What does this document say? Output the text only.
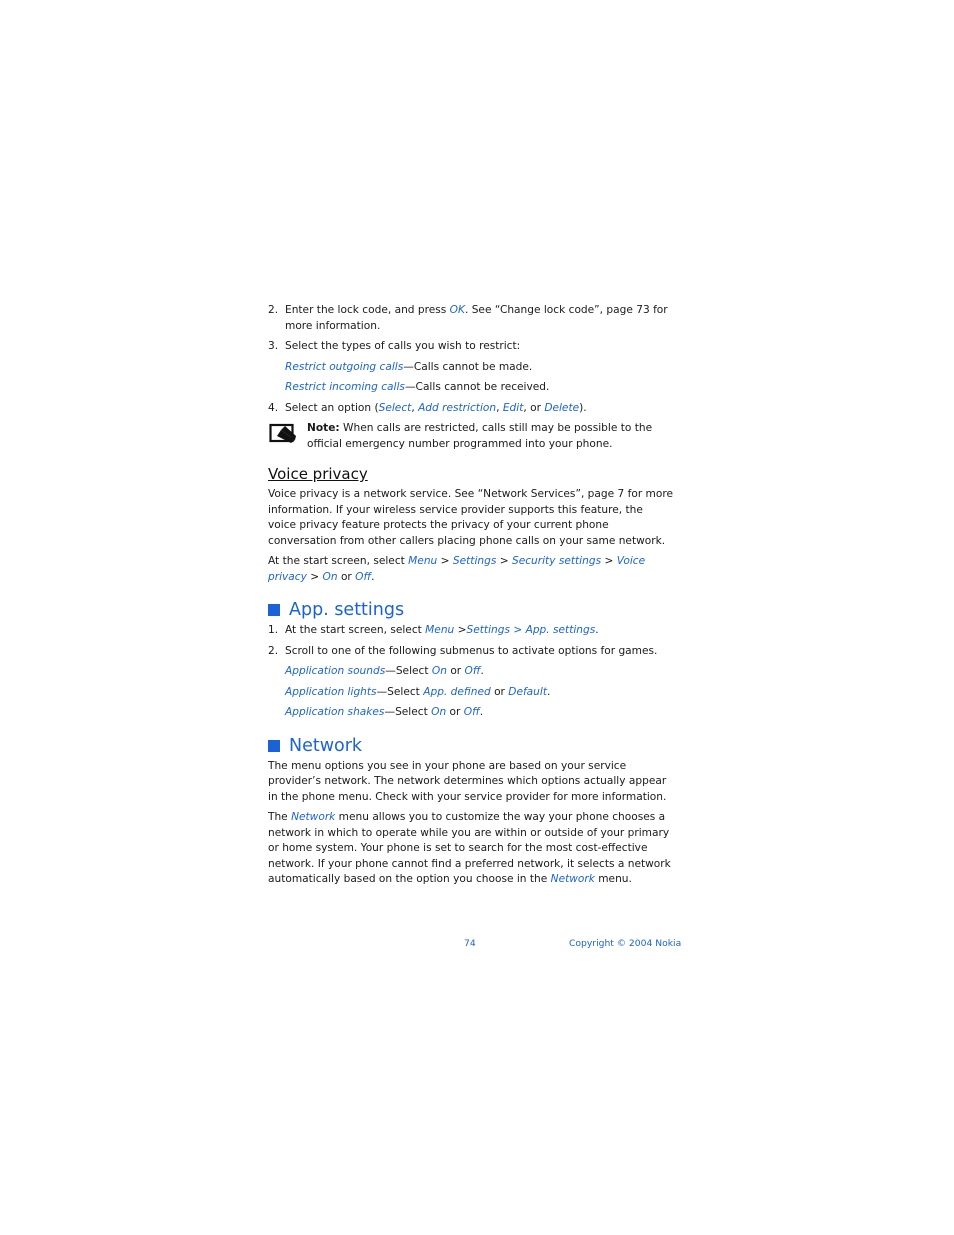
2. Enter the lock code, and press OK. See “Change lock code”, page 73 for more information.
3. Select the types of calls you wish to restrict:
Restrict outgoing calls—Calls cannot be made.
Restrict incoming calls—Calls cannot be received.
4. Select an option (Select, Add restriction, Edit, or Delete).
Note: When calls are restricted, calls still may be possible to the official emergency number programmed into your phone.
Voice privacy
Voice privacy is a network service. See “Network Services”, page 7 for more information. If your wireless service provider supports this feature, the voice privacy feature protects the privacy of your current phone conversation from other callers placing phone calls on your same network.
At the start screen, select Menu > Settings > Security settings > Voice privacy > On or Off.
App. settings
1. At the start screen, select Menu >Settings > App. settings.
2. Scroll to one of the following submenus to activate options for games.
Application sounds—Select On or Off.
Application lights—Select App. defined or Default.
Application shakes—Select On or Off.
Network
The menu options you see in your phone are based on your service provider’s network. The network determines which options actually appear in the phone menu. Check with your service provider for more information.
The Network menu allows you to customize the way your phone chooses a network in which to operate while you are within or outside of your primary or home system. Your phone is set to search for the most cost-effective network. If your phone cannot find a preferred network, it selects a network automatically based on the option you choose in the Network menu.
74	Copyright © 2004 Nokia
